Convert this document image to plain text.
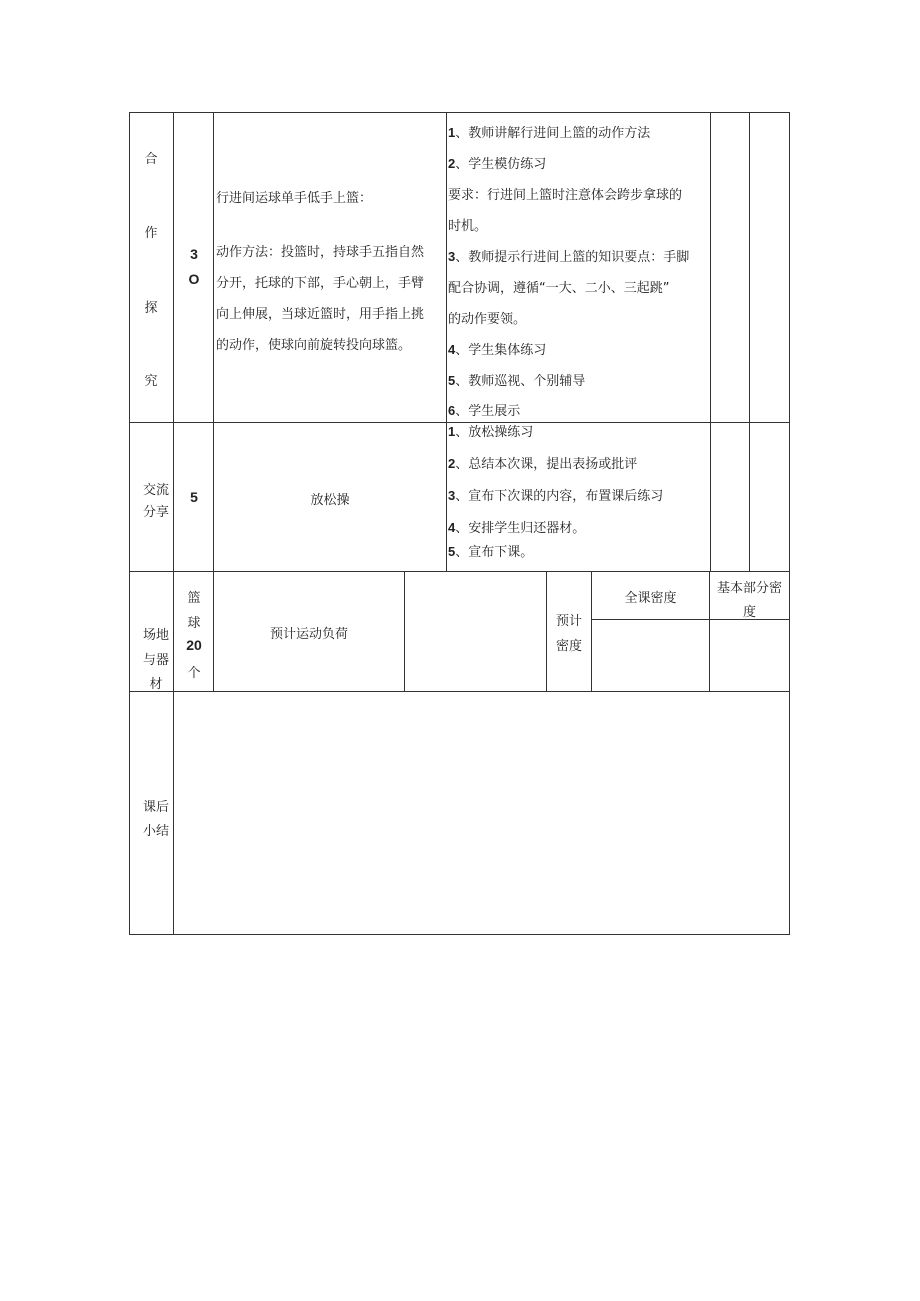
合
作
探
究
3
O
行进间运球单手低手上篮：
动作方法：投篮时，持球手五指自然
分开，托球的下部，手心朝上，手臂
向上伸展，当球近篮时，用手指上挑
的动作，使球向前旋转投向球篮。
1、教师讲解行进间上篮的动作方法
2、学生模仿练习
要求：行进间上篮时注意体会跨步拿球的
时机。
3、教师提示行进间上篮的知识要点：手脚
配合协调，遵循“一大、二小、三起跳”
的动作要领。
4、学生集体练习
5、教师巡视、个别辅导
6、学生展示
交流
分享
5	放松操
1、放松操练习
2、总结本次课，提出表扬或批评
3、宣布下次课的内容，布置课后练习
4、安排学生归还器材。
5、宣布下课。
场地
与器
材
篮
球
20
个
预计运动负荷
预计
密度
全课密度
基本部分密
度
课后
小结
